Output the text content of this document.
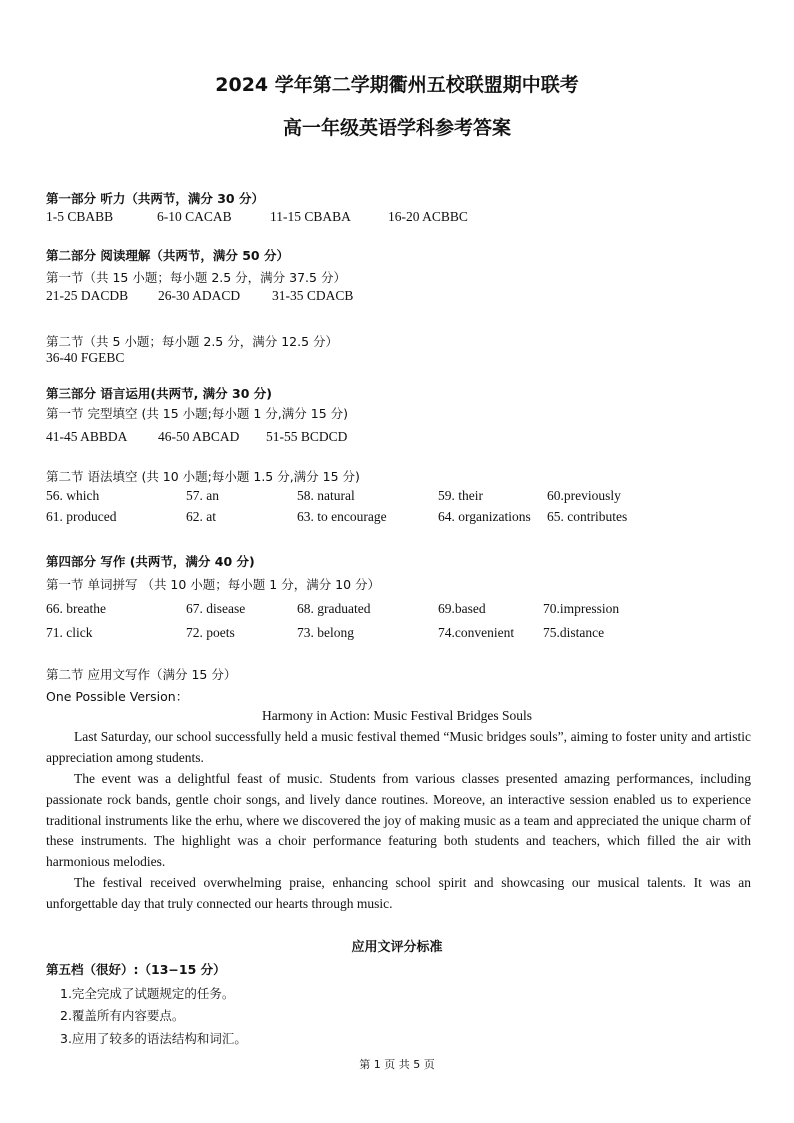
2024 学年第二学期衢州五校联盟期中联考
高一年级英语学科参考答案
第一部分 听力（共两节，满分 30 分）
1-5 CBABB	6-10 CACAB	11-15 CBABA	16-20 ACBBC
第二部分 阅读理解（共两节，满分 50 分）
第一节（共 15 小题；每小题 2.5 分，满分 37.5 分）
21-25 DACDB 26-30 ADACD 31-35 CDACB
第二节（共 5 小题；每小题 2.5 分，满分 12.5 分）
36-40 FGEBC
第三部分 语言运用(共两节, 满分 30 分)
第一节 完型填空 (共 15 小题;每小题 1 分,满分 15 分)
41-45 ABBDA 46-50 ABCAD 51-55 BCDCD
第二节 语法填空 (共 10 小题;每小题 1.5 分,满分 15 分)
56. which	57. an	58. natural	59. their	60.previously
61. produced	62. at	63. to encourage	64. organizations 65. contributes
第四部分 写作 (共两节，满分 40 分)
第一节 单词拼写 （共 10 小题；每小题 1 分，满分 10 分）
66. breathe	67. disease	68. graduated	69.based	70.impression
71. click	72. poets	73. belong	74.convenient 75.distance
第二节 应用文写作（满分 15 分）
One Possible Version：
Harmony in Action: Music Festival Bridges Souls

Last Saturday, our school successfully held a music festival themed “Music bridges souls”, aiming to foster unity and artistic appreciation among students.

The event was a delightful feast of music. Students from various classes presented amazing performances, including passionate rock bands, gentle choir songs, and lively dance routines. Moreove, an interactive session enabled us to experience traditional instruments like the erhu, where we discovered the joy of making music as a team and appreciated the unique charm of these instruments. The highlight was a choir performance featuring both students and teachers, which filled the air with harmonious melodies.

The festival received overwhelming praise, enhancing school spirit and showcasing our musical talents. It was an unforgettable day that truly connected our hearts through music.

应用文评分标准
第五档（很好）:（13−15 分）
1.完全完成了试题规定的任务。
2.覆盖所有内容要点。
3.应用了较多的语法结构和词汇。
第 1 页 共 5 页
